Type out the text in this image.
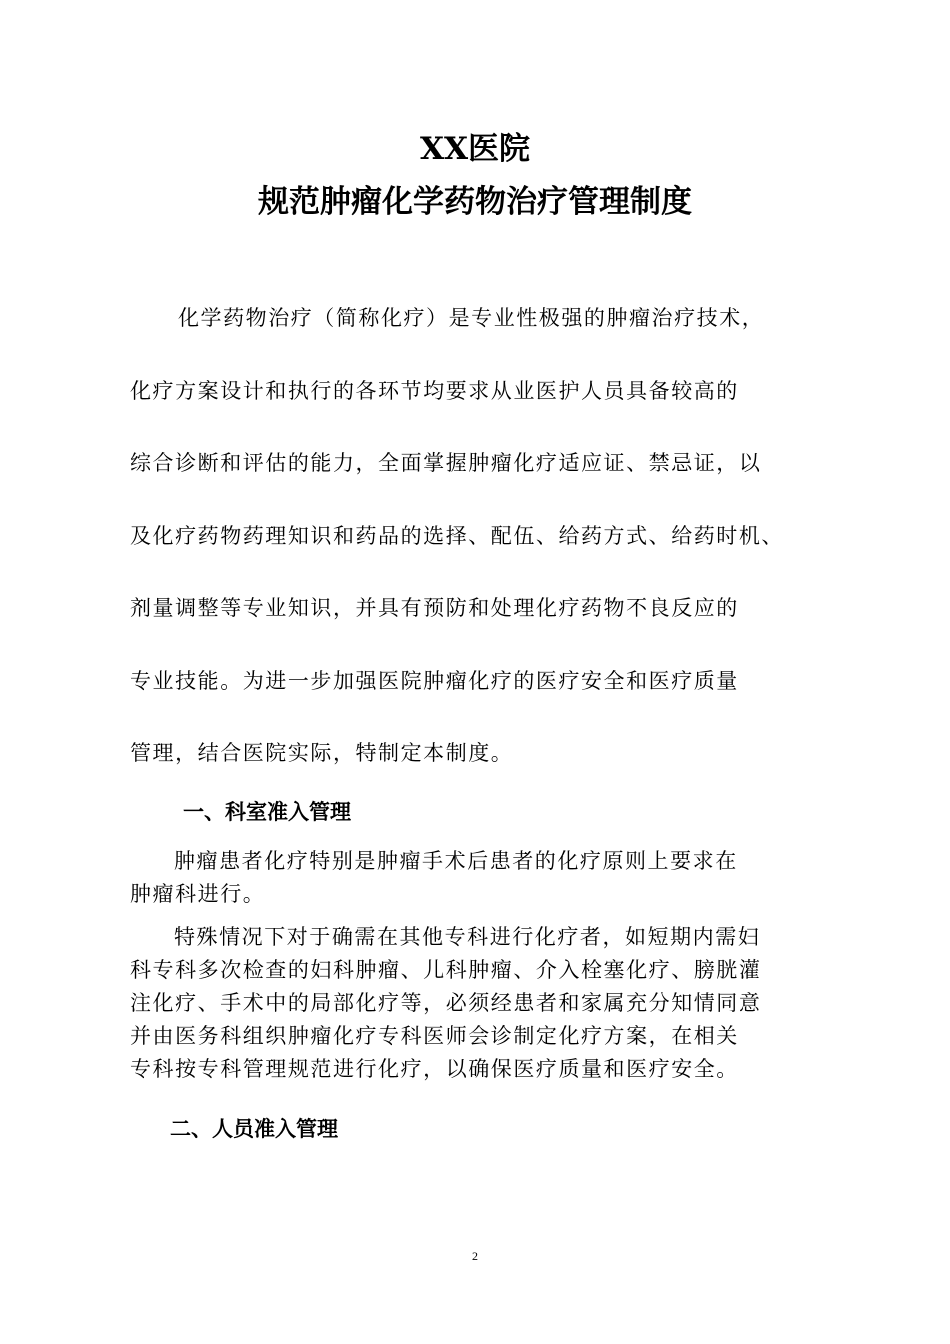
XX医院
规范肿瘤化学药物治疗管理制度
化学药物治疗（简称化疗）是专业性极强的肿瘤治疗技术，
化疗方案设计和执行的各环节均要求从业医护人员具备较高的
综合诊断和评估的能力，全面掌握肿瘤化疗适应证、禁忌证，以
及化疗药物药理知识和药品的选择、配伍、给药方式、给药时机、
剂量调整等专业知识，并具有预防和处理化疗药物不良反应的
专业技能。为进一步加强医院肿瘤化疗的医疗安全和医疗质量
管理，结合医院实际，特制定本制度。
一、科室准入管理
肿瘤患者化疗特别是肿瘤手术后患者的化疗原则上要求在
肿瘤科进行。
特殊情况下对于确需在其他专科进行化疗者，如短期内需妇
科专科多次检查的妇科肿瘤、儿科肿瘤、介入栓塞化疗、膀胱灌
注化疗、手术中的局部化疗等，必须经患者和家属充分知情同意
并由医务科组织肿瘤化疗专科医师会诊制定化疗方案，在相关
专科按专科管理规范进行化疗，以确保医疗质量和医疗安全。
二、人员准入管理
2
